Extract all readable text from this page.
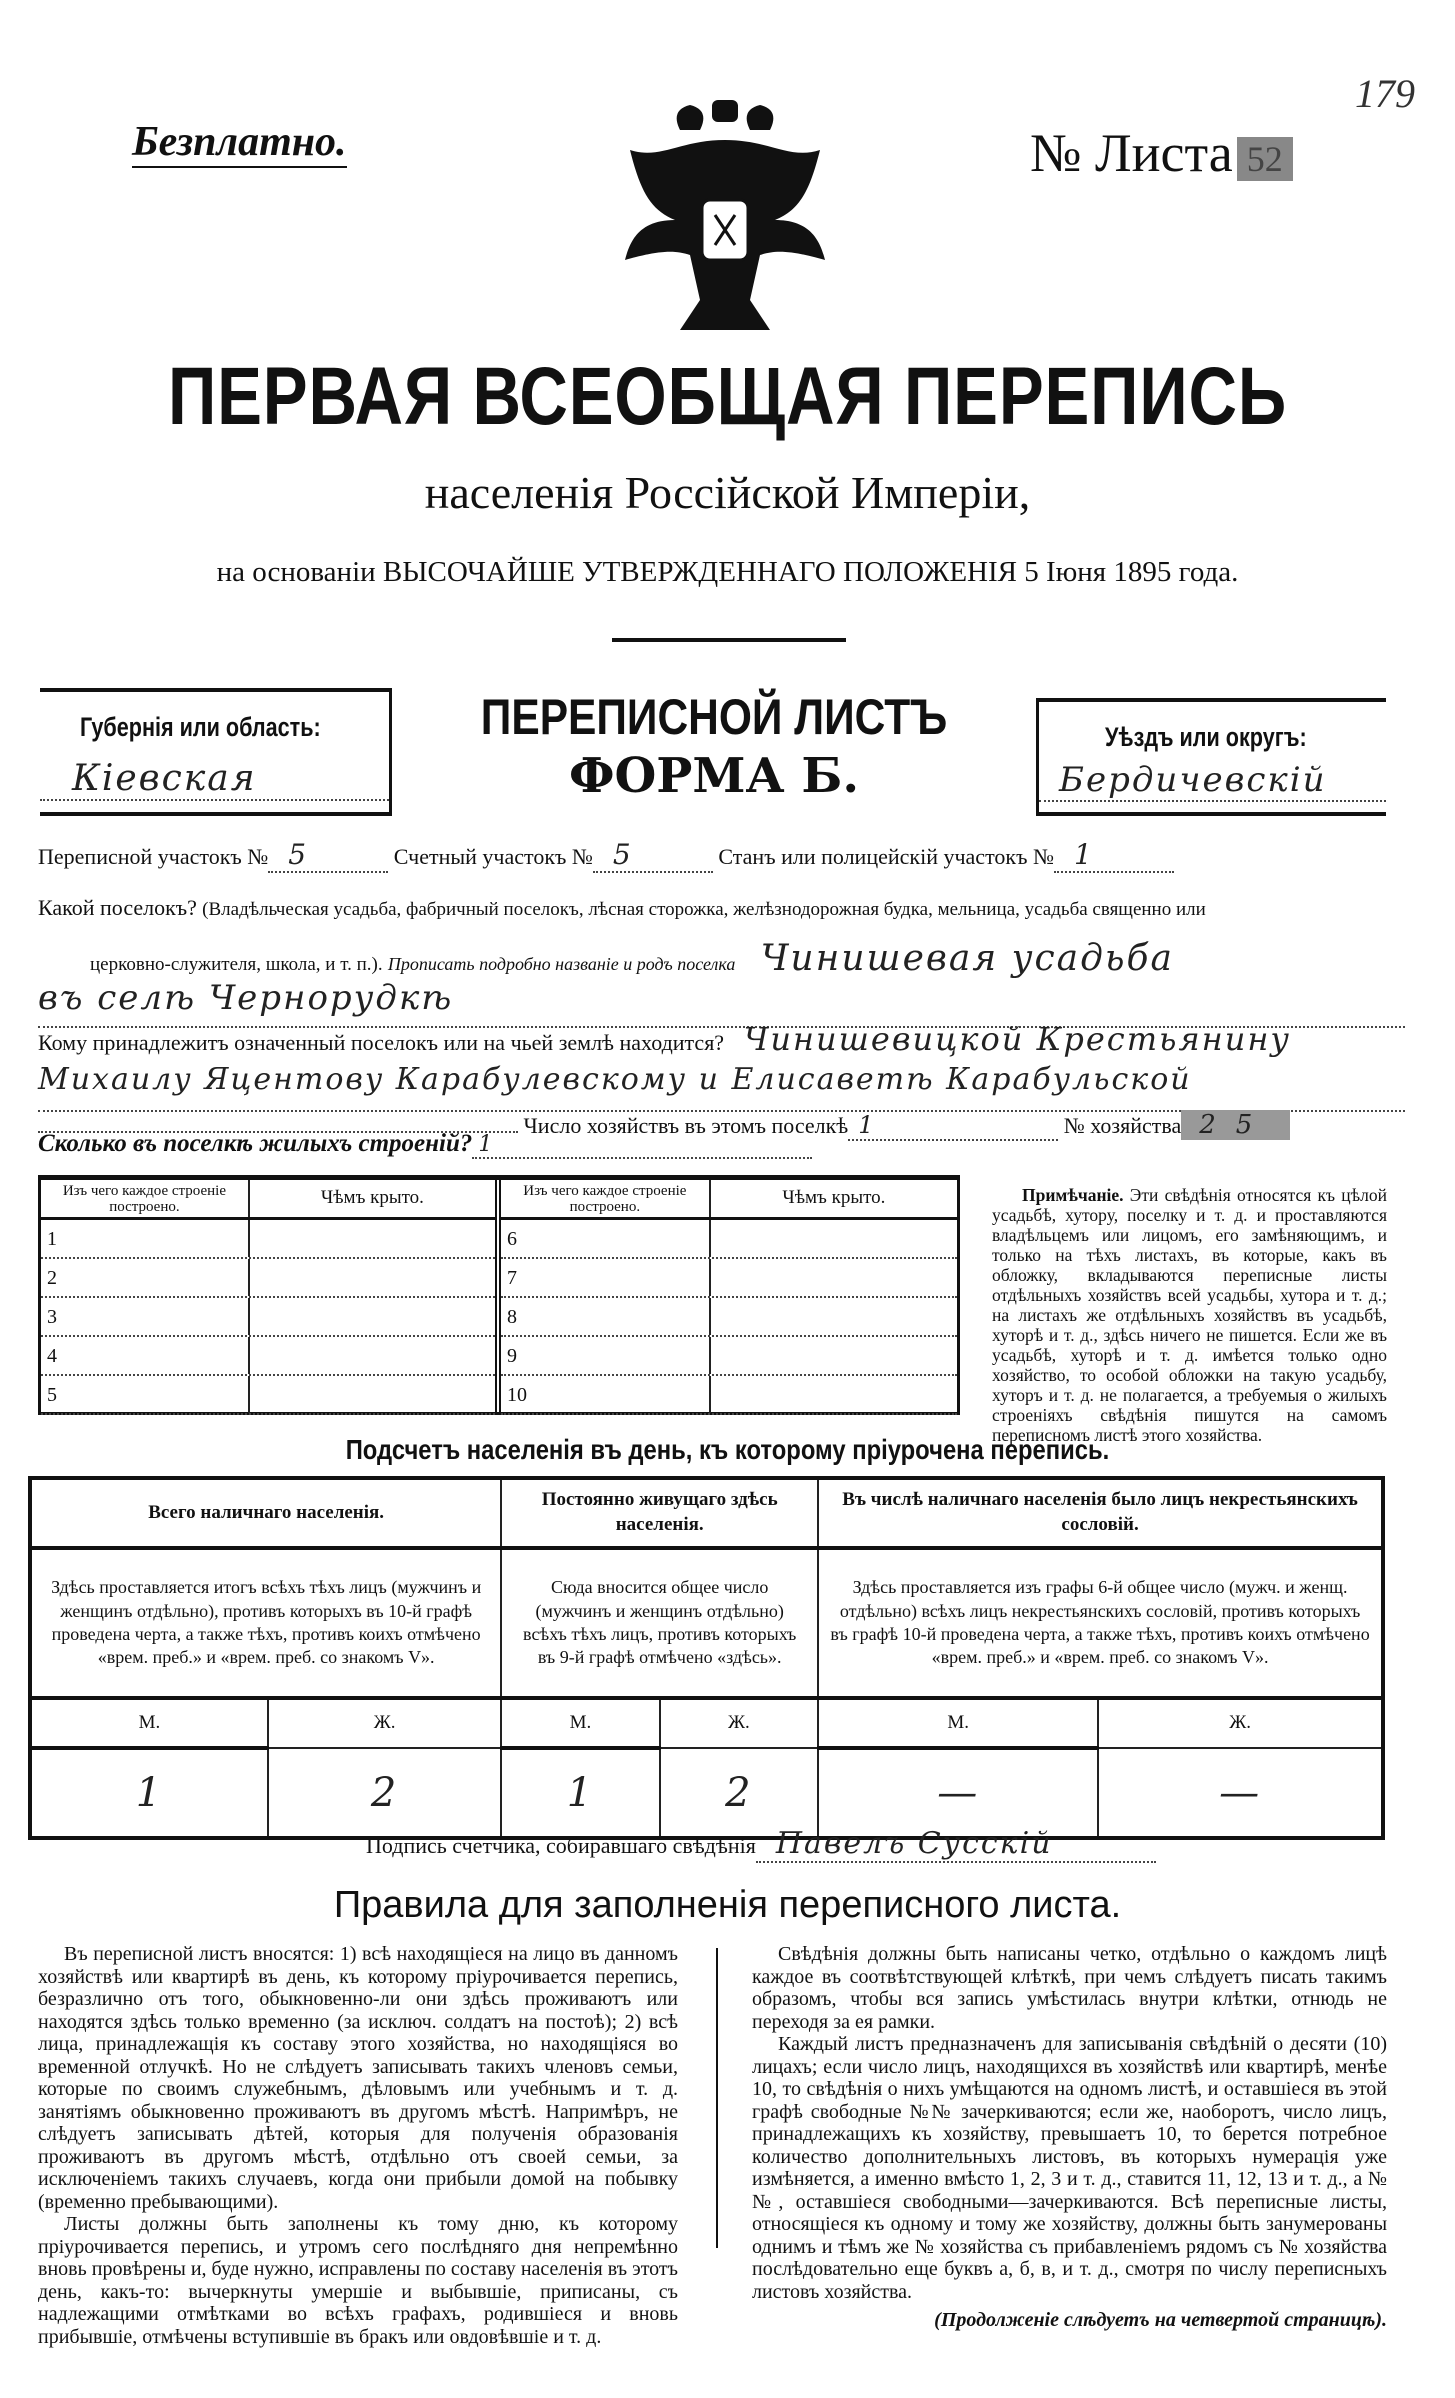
Безплатно.
179
№ Листа 52
ПЕРВАЯ ВСЕОБЩАЯ ПЕРЕПИСЬ
населенія Россійской Имперіи,
на основаніи ВЫСОЧАЙШЕ УТВЕРЖДЕННАГО ПОЛОЖЕНІЯ 5 Іюня 1895 года.
Губернія или область:
Кіевская
ПЕРЕПИСНОЙ ЛИСТЪ
ФОРМА Б.
Уѣздъ или округъ:
Бердичевскій
Переписной участокъ № 5	Счетный участокъ № 5	Станъ или полицейскій участокъ № 1
Какой поселокъ? (Владѣльческая усадьба, фабричный поселокъ, лѣсная сторожка, желѣзнодорожная будка, мельница, усадьба священно или
церковно-служителя, школа, и т. п.). Прописать подробно названіе и родъ поселка Чинишевая усадьба
въ селѣ Чернорудкѣ
Кому принадлежитъ означенный поселокъ или на чьей землѣ находится? Чинишевицкой Крестьянину
Михаилу Яцентову Карабулевскому и Елисаветѣ Карабульской
Число хозяйствъ въ этомъ поселкѣ 1	№ хозяйства 25
Сколько въ поселкѣ жилыхъ строеній? 1
Изъ чего каждое строеніе построено.	Чѣмъ крыто.
1
2
3
4
5
Изъ чего каждое строеніе построено.	Чѣмъ крыто.
6
7
8
9
10
Примѣчаніе. Эти свѣдѣнія относятся къ цѣлой усадьбѣ, хутору, поселку и т. д. и проставляются владѣльцемъ или лицомъ, его замѣняющимъ, и только на тѣхъ листахъ, въ которые, какъ въ обложку, вкладываются переписные листы отдѣльныхъ хозяйствъ всей усадьбы, хутора и т. д.; на листахъ же отдѣльныхъ хозяйствъ въ усадьбѣ, хуторѣ и т. д., здѣсь ничего не пишется. Если же въ усадьбѣ, хуторѣ и т. д. имѣется только одно хозяйство, то особой обложки на такую усадьбу, хуторъ и т. д. не полагается, а требуемыя о жилыхъ строеніяхъ свѣдѣнія пишутся на самомъ переписномъ листѣ этого хозяйства.
Подсчетъ населенія въ день, къ которому пріурочена перепись.
Всего наличнаго населенія.		Постоянно живущаго здѣсь населенія.		Въ числѣ наличнаго населенія было лицъ некрестьянскихъ сословій.	
Здѣсь проставляется итогъ всѣхъ тѣхъ лицъ (мужчинъ и женщинъ отдѣльно), противъ которыхъ въ 10-й графѣ проведена черта, а также тѣхъ, противъ коихъ отмѣчено «врем. преб.» и «врем. преб. со знакомъ V».		Сюда вносится общее число (мужчинъ и женщинъ отдѣльно) всѣхъ тѣхъ лицъ, противъ которыхъ въ 9-й графѣ отмѣчено «здѣсь».		Здѣсь проставляется изъ графы 6-й общее число (мужч. и женщ. отдѣльно) всѣхъ лицъ некрестьянскихъ сословій, противъ которыхъ въ графѣ 10-й проведена черта, а также тѣхъ, противъ коихъ отмѣчено «врем. преб.» и «врем. преб. со знакомъ V».	
М.	Ж.	М.	Ж.	М.	Ж.
1	2	1	2	—	—
Подпись счетчика, собиравшаго свѣдѣнія Павелъ Сусскій
Правила для заполненія переписного листа.

Въ переписной листъ вносятся: 1) всѣ находящіеся на лицо въ данномъ хозяйствѣ или квартирѣ въ день, къ которому пріурочивается перепись, безразлично отъ того, обыкновенно-ли они здѣсь проживаютъ или находятся здѣсь только временно (за исключ. солдатъ на постоѣ); 2) всѣ лица, принадлежащія къ составу этого хозяйства, но находящіяся во временной отлучкѣ. Но не слѣдуетъ записывать такихъ членовъ семьи, которые по своимъ служебнымъ, дѣловымъ или учебнымъ и т. д. занятіямъ обыкновенно проживаютъ въ другомъ мѣстѣ. Напримѣръ, не слѣдуетъ записывать дѣтей, которыя для полученія образованія проживаютъ въ другомъ мѣстѣ, отдѣльно отъ своей семьи, за исключеніемъ такихъ случаевъ, когда они прибыли домой на побывку (временно пребывающими).

Листы должны быть заполнены къ тому дню, къ которому пріурочивается перепись, и утромъ сего послѣдняго дня непремѣнно вновь провѣрены и, буде нужно, исправлены по составу населенія въ этотъ день, какъ-то: вычеркнуты умершіе и выбывшіе, приписаны, съ надлежащими отмѣтками во всѣхъ графахъ, родившіеся и вновь прибывшіе, отмѣчены вступившіе въ бракъ или овдовѣвшіе и т. д.

Свѣдѣнія должны быть написаны четко, отдѣльно о каждомъ лицѣ каждое въ соотвѣтствующей клѣткѣ, при чемъ слѣдуетъ писать такимъ образомъ, чтобы вся запись умѣстилась внутри клѣтки, отнюдь не переходя за ея рамки.

Каждый листъ предназначенъ для записыванія свѣдѣній о десяти (10) лицахъ; если число лицъ, находящихся въ хозяйствѣ или квартирѣ, менѣе 10, то свѣдѣнія о нихъ умѣщаются на одномъ листѣ, и оставшіеся въ этой графѣ свободные №№ зачеркиваются; если же, наоборотъ, число лицъ, принадлежащихъ къ хозяйству, превышаетъ 10, то берется потребное количество дополнительныхъ листовъ, въ которыхъ нумерація уже измѣняется, а именно вмѣсто 1, 2, 3 и т. д., ставится 11, 12, 13 и т. д., а №№, оставшіеся свободными—зачеркиваются. Всѣ переписные листы, относящіеся къ одному и тому же хозяйству, должны быть занумерованы однимъ и тѣмъ же № хозяйства съ прибавленіемъ рядомъ съ № хозяйства послѣдовательно еще буквъ а, б, в, и т. д., смотря по числу переписныхъ листовъ хозяйства.

(Продолженіе слѣдуетъ на четвертой страницѣ).
